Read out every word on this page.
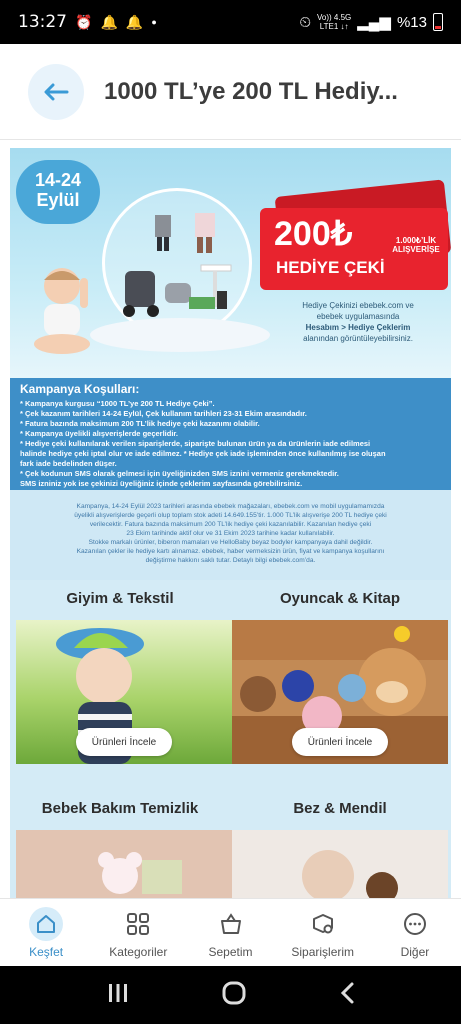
13:27 ⏰ 🔔 🔔 ●	⏲ Vo)) 4.5G
LTE1 ↓↑ ▂▄▆ %13
1000 TL’ye 200 TL Hediy...
14-24
Eylül
200₺
HEDİYE ÇEKİ
1.000₺’LİK ALIŞVERİŞE
Hediye Çekinizi ebebek.com ve
ebebek uygulamasında
Hesabım > Hediye Çeklerim
alanından görüntüleyebilirsiniz.
Kampanya Koşulları:
* Kampanya kurgusu “1000 TL’ye 200 TL Hediye Çeki”.
* Çek kazanım tarihleri 14-24 Eylül, Çek kullanım tarihleri 23-31 Ekim arasındadır.
* Fatura bazında maksimum 200 TL’lik hediye çeki kazanımı olabilir.
* Kampanya üyelikli alışverişlerde geçerlidir.
* Hediye çeki kullanılarak verilen siparişlerde, siparişte bulunan ürün ya da ürünlerin iade edilmesi
halinde hediye çeki iptal olur ve iade edilmez. * Hediye çek iade işleminden önce kullanılmış ise oluşan
fark iade bedelinden düşer.
* Çek kodunun SMS olarak gelmesi için üyeliğinizden SMS iznini vermeniz gerekmektedir.
SMS izniniz yok ise çekinizi üyeliğiniz içinde çeklerim sayfasında görebilirsiniz.
Kampanya, 14-24 Eylül 2023 tarihleri arasında ebebek mağazaları, ebebek.com ve mobil uygulamamızda
üyelikli alışverişlerde geçerli olup toplam stok adeti 14.649.155’tir. 1.000 TL’lik alışverişe 200 TL hediye çeki
verilecektir. Fatura bazında maksimum 200 TL’lik hediye çeki kazanılabilir. Kazanılan hediye çeki
23 Ekim tarihinde aktif olur ve 31 Ekim 2023 tarihine kadar kullanılabilir.
Stokke markalı ürünler, biberon mamaları ve HelloBaby beyaz bodyler kampanyaya dahil değildir.
Kazanılan çekler ile hediye kartı alınamaz. ebebek, haber vermeksizin ürün, fiyat ve kampanya koşullarını
değiştirme hakkını saklı tutar. Detaylı bilgi ebebek.com’da.
Giyim & Tekstil	Oyuncak & Kitap
Ürünleri İncele	Ürünleri İncele
Bebek Bakım Temizlik	Bez & Mendil
Keşfet	Kategoriler	Sepetim	Siparişlerim	Diğer
